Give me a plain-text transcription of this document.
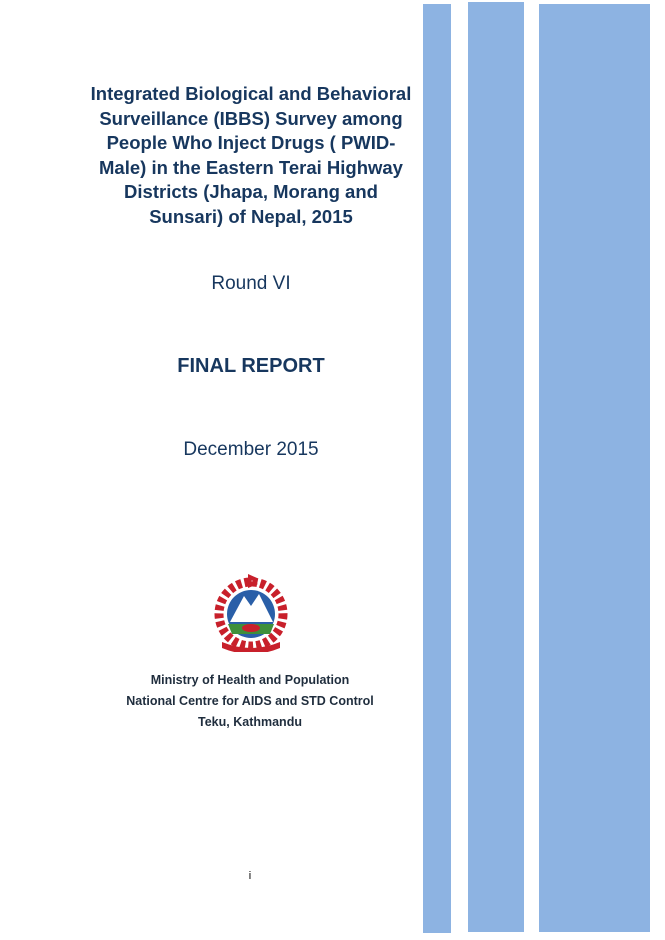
Integrated Biological and Behavioral
Surveillance (IBBS) Survey among
People Who Inject Drugs ( PWID-
Male) in the Eastern Terai Highway
Districts (Jhapa, Morang and
Sunsari) of Nepal, 2015
Round VI
FINAL REPORT
December 2015
Ministry of Health and Population
National Centre for AIDS and STD Control
Teku, Kathmandu
i
